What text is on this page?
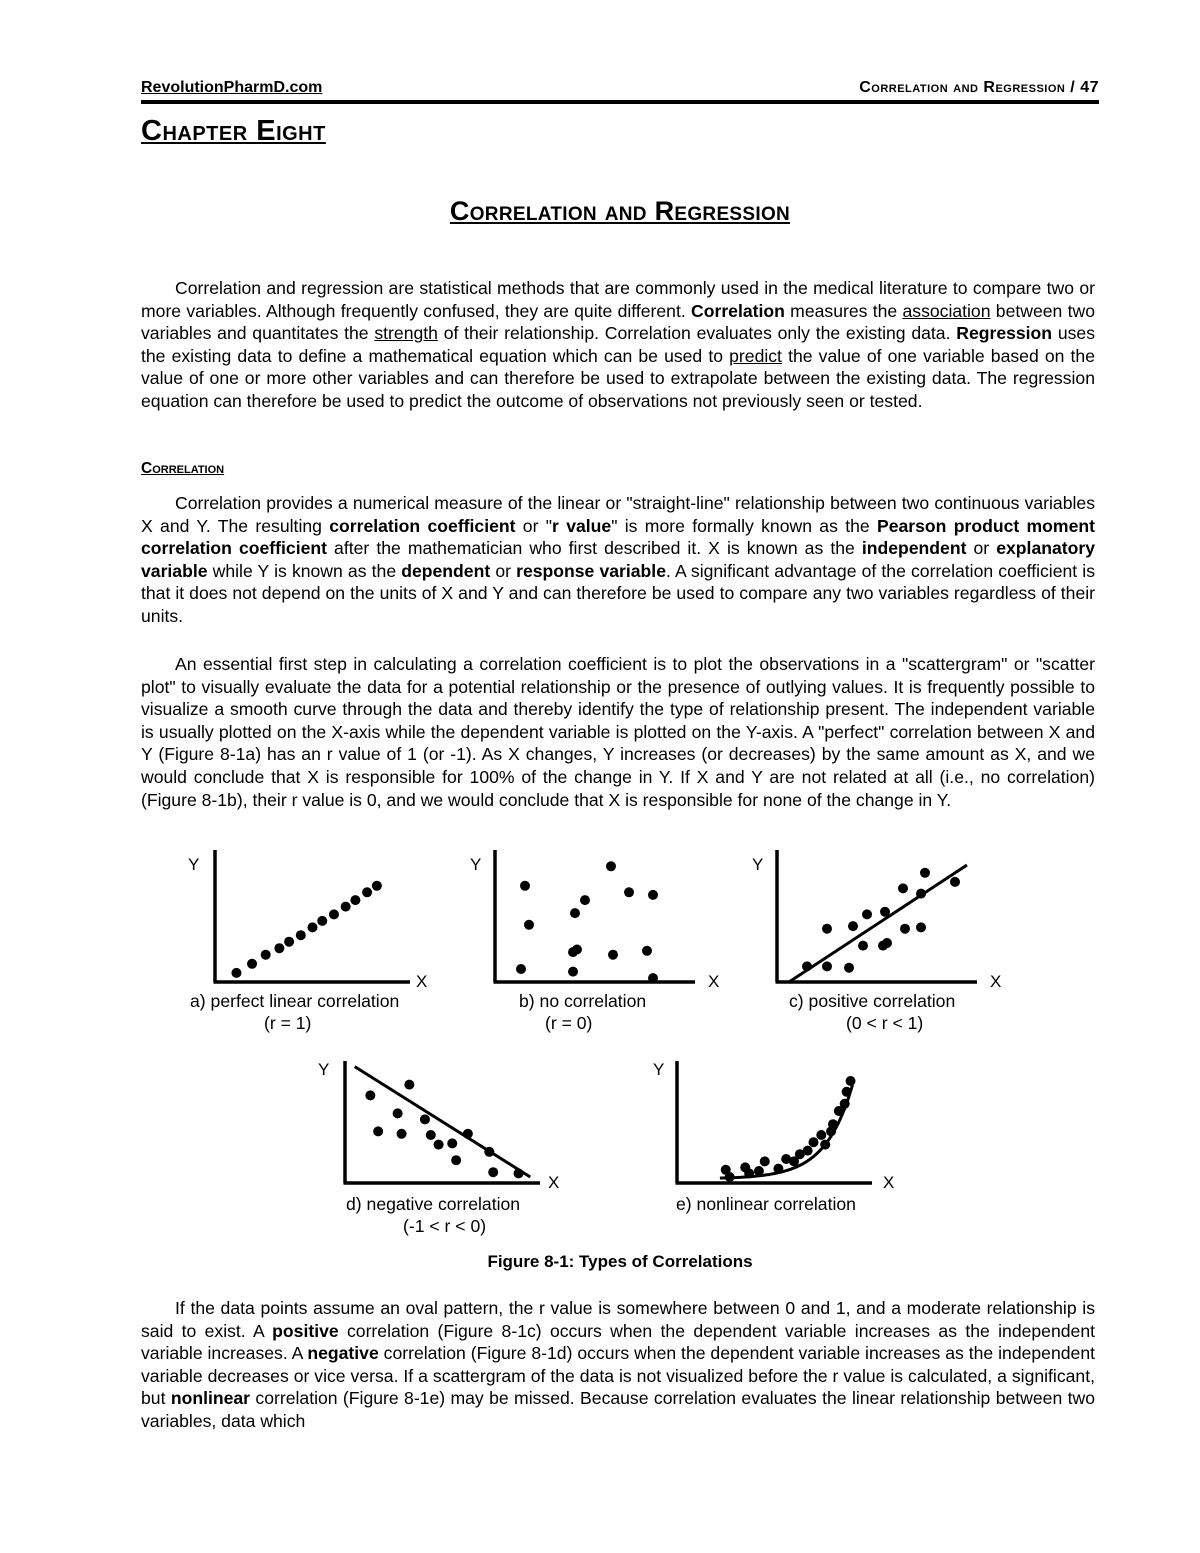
RevolutionPharmD.com	Correlation and Regression / 47
Chapter Eight
Correlation and Regression

Correlation and regression are statistical methods that are commonly used in the medical literature to compare two or more variables. Although frequently confused, they are quite different. Correlation measures the association between two variables and quantitates the strength of their relationship. Correlation evaluates only the existing data. Regression uses the existing data to define a mathematical equation which can be used to predict the value of one variable based on the value of one or more other variables and can therefore be used to extrapolate between the existing data. The regression equation can therefore be used to predict the outcome of observations not previously seen or tested.

Correlation

Correlation provides a numerical measure of the linear or "straight-line" relationship between two continuous variables X and Y. The resulting correlation coefficient or "r value" is more formally known as the Pearson product moment correlation coefficient after the mathematician who first described it. X is known as the independent or explanatory variable while Y is known as the dependent or response variable. A significant advantage of the correlation coefficient is that it does not depend on the units of X and Y and can therefore be used to compare any two variables regardless of their units.

An essential first step in calculating a correlation coefficient is to plot the observations in a "scattergram" or "scatter plot" to visually evaluate the data for a potential relationship or the presence of outlying values. It is frequently possible to visualize a smooth curve through the data and thereby identify the type of relationship present. The independent variable is usually plotted on the X-axis while the dependent variable is plotted on the Y-axis. A "perfect" correlation between X and Y (Figure 8-1a) has an r value of 1 (or -1). As X changes, Y increases (or decreases) by the same amount as X, and we would conclude that X is responsible for 100% of the change in Y. If X and Y are not related at all (i.e., no correlation) (Figure 8-1b), their r value is 0, and we would conclude that X is responsible for none of the change in Y.

X
Y
a) perfect linear correlation
(r = 1)
X
Y
b) no correlation
(r = 0)
X
Y
c) positive correlation
(0 < r < 1)
X
Y
d) negative correlation
(-1 < r < 0)
X
Y
e) nonlinear correlation
Figure 8-1: Types of Correlations

If the data points assume an oval pattern, the r value is somewhere between 0 and 1, and a moderate relationship is said to exist. A positive correlation (Figure 8-1c) occurs when the dependent variable increases as the independent variable increases. A negative correlation (Figure 8-1d) occurs when the dependent variable increases as the independent variable decreases or vice versa. If a scattergram of the data is not visualized before the r value is calculated, a significant, but nonlinear correlation (Figure 8-1e) may be missed. Because correlation evaluates the linear relationship between two variables, data which
